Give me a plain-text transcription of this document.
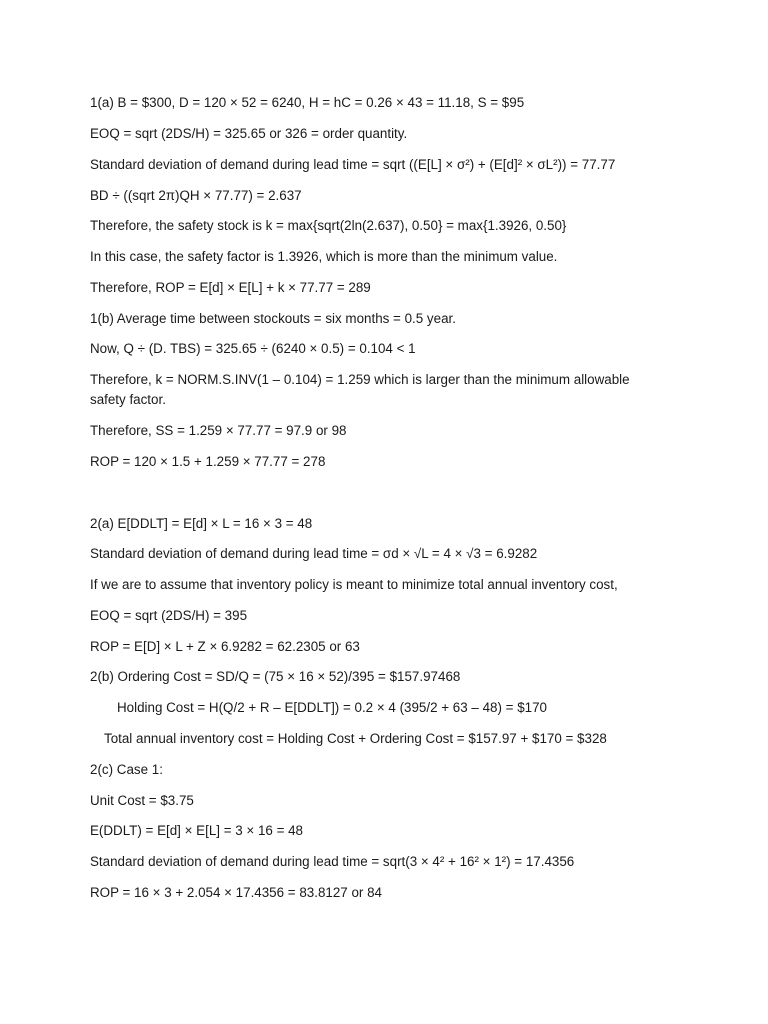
1(a) B = $300, D = 120 × 52 = 6240, H = hC = 0.26 × 43 = 11.18, S = $95
EOQ = sqrt (2DS/H) = 325.65 or 326 = order quantity.
Standard deviation of demand during lead time = sqrt ((E[L] × σ²) + (E[d]² × σL²)) = 77.77
BD ÷ ((sqrt 2π)QH × 77.77) = 2.637
Therefore, the safety stock is k = max{sqrt(2ln(2.637), 0.50} = max{1.3926, 0.50}
In this case, the safety factor is 1.3926, which is more than the minimum value.
Therefore, ROP = E[d] × E[L] + k × 77.77 = 289
1(b) Average time between stockouts = six months = 0.5 year.
Now, Q ÷ (D. TBS) = 325.65 ÷ (6240 × 0.5) = 0.104 < 1
Therefore, k = NORM.S.INV(1 – 0.104) = 1.259 which is larger than the minimum allowable safety factor.
Therefore, SS = 1.259 × 77.77 = 97.9 or 98
ROP = 120 × 1.5 + 1.259 × 77.77 = 278
2(a) E[DDLT] = E[d] × L = 16 × 3 = 48
Standard deviation of demand during lead time = σd × √L = 4 × √3 = 6.9282
If we are to assume that inventory policy is meant to minimize total annual inventory cost,
EOQ = sqrt (2DS/H) = 395
ROP = E[D] × L + Z × 6.9282 = 62.2305 or 63
2(b) Ordering Cost = SD/Q = (75 × 16 × 52)/395 = $157.97468
Holding Cost = H(Q/2 + R – E[DDLT]) = 0.2 × 4 (395/2 + 63 – 48) = $170
Total annual inventory cost = Holding Cost + Ordering Cost = $157.97 + $170 = $328
2(c) Case 1:
Unit Cost = $3.75
E(DDLT) = E[d] × E[L] = 3 × 16 = 48
Standard deviation of demand during lead time = sqrt(3 × 4² + 16² × 1²) = 17.4356
ROP = 16 × 3 + 2.054 × 17.4356 = 83.8127 or 84
